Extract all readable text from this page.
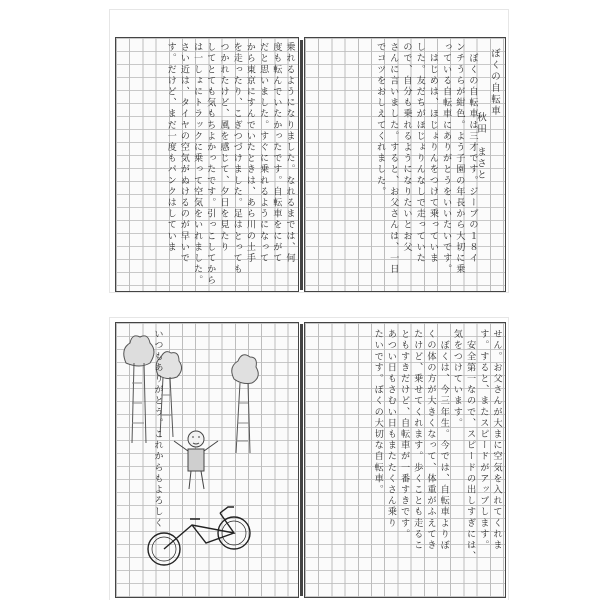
乗れるようになりました。なれるまでは、何
度も転んでいたかったです。自転車をにがて
だと思いました。すぐに乗れるようになって
から東京にすんでいたときは、あら川の土手
を走ったり、こぎつづけました。足はとっても
つかれたけど、風を感じて、夕日を見たり
してとても気もちよかったです。引っこしてから
は一しょにトラックに乗って空気をいれました。
さい近は、タイヤの空気がぬけるのが早いで
す。だけど、まだ一度もパンクはしていま	ぼくの自転車
秋田　まさと
　ぼくの自転車は三才です。ジープの１８イ
ンチうらが紺色。よう子園の年長から大切に乗
っている自転車にありがとうをいいたいです。
　はじめは、ほじょりんをつけて乗っていま
した。友だちがほじょりんなしで走っていた
ので、自分も乗れるようになりたいとお父
さんに言いました。すると、お父さんは、一日
でコツをおしえてくれました。

いつもありがとう。これからもよろしく	せん。お父さんが大まに空気を入れてくれま
す。すると、またスピードがアップします。
　安全第一なので、スピードの出しすぎには、
気をつけています。
　ぼくは、今三年生。今では、自転車よりぼ
くの体の方が大きくなって、体重がふえてき
たけど、乗せてくれます。歩くことも走るこ
ともすきだけど、自転車が一番すきです。
あつい日もさむい日もまたたくさん乗り
たいです。ぼくの大切な自転車。
